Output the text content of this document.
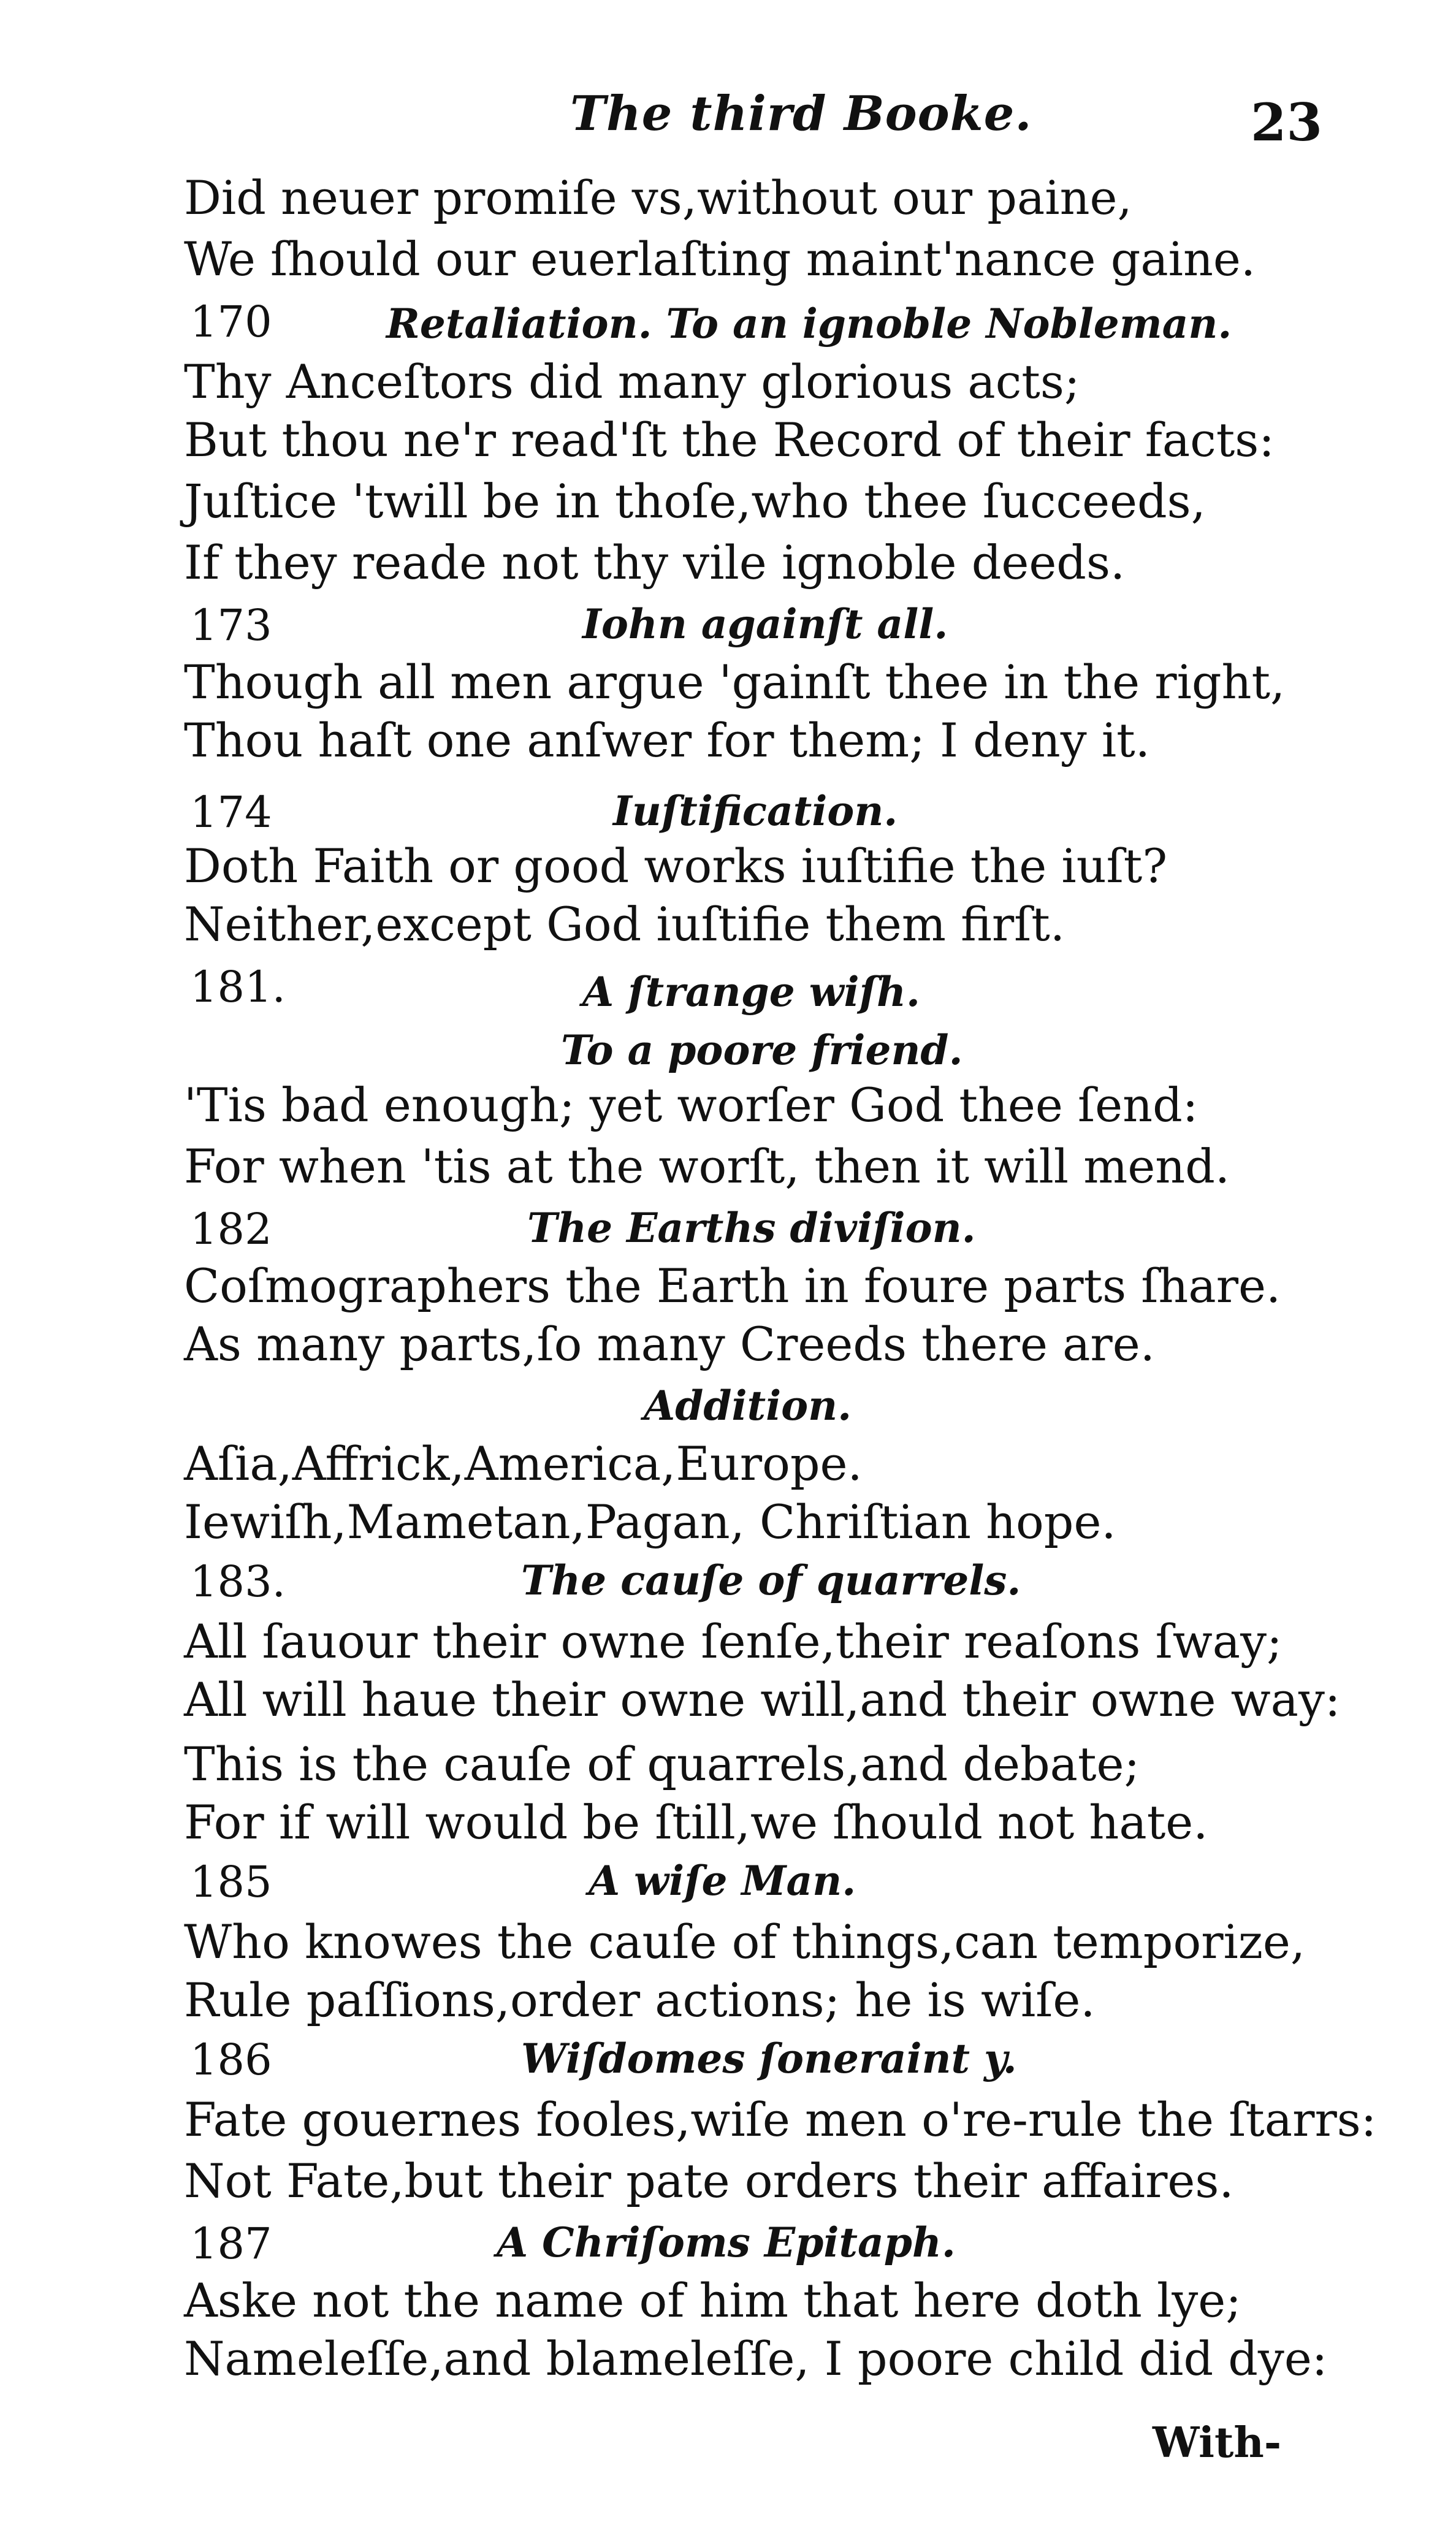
The third Booke.	23
Did neuer promiſe vs,without our paine,
We ſhould our euerlaſting maint'nance gaine.
170	Retaliation. To an ignoble Nobleman.
Thy Anceſtors did many glorious acts;
But thou ne'r read'ſt the Record of their facts:
Juſtice 'twill be in thoſe,who thee ſucceeds,
If they reade not thy vile ignoble deeds.
173	Iohn againſt all.
Though all men argue 'gainſt thee in the right,
Thou haſt one anſwer for them; I deny it.
174	Iuſtification.
Doth Faith or good works iuſtifie the iuſt?
Neither,except God iuſtifie them firſt.
181.	A ſtrange wiſh.
To a poore friend.
'Tis bad enough; yet worſer God thee ſend:
For when 'tis at the worſt, then it will mend.
182	The Earths diviſion.
Coſmographers the Earth in foure parts ſhare.
As many parts,ſo many Creeds there are.
Addition.
Aſia,Affrick,America,Europe.
Iewiſh,Mametan,Pagan, Chriſtian hope.
183.	The cauſe of quarrels.
All ſauour their owne ſenſe,their reaſons ſway;
All will haue their owne will,and their owne way:
This is the cauſe of quarrels,and debate;
For if will would be ſtill,we ſhould not hate.
185	A wiſe Man.
Who knowes the cauſe of things,can temporize,
Rule paſſions,order actions; he is wiſe.
186	Wiſdomes ſoneraint y.
Fate gouernes fooles,wiſe men o're-rule the ſtarrs:
Not Fate,but their pate orders their affaires.
187	A Chriſoms Epitaph.
Aske not the name of him that here doth lye;
Nameleſſe,and blameleſſe, I poore child did dye:
With-
